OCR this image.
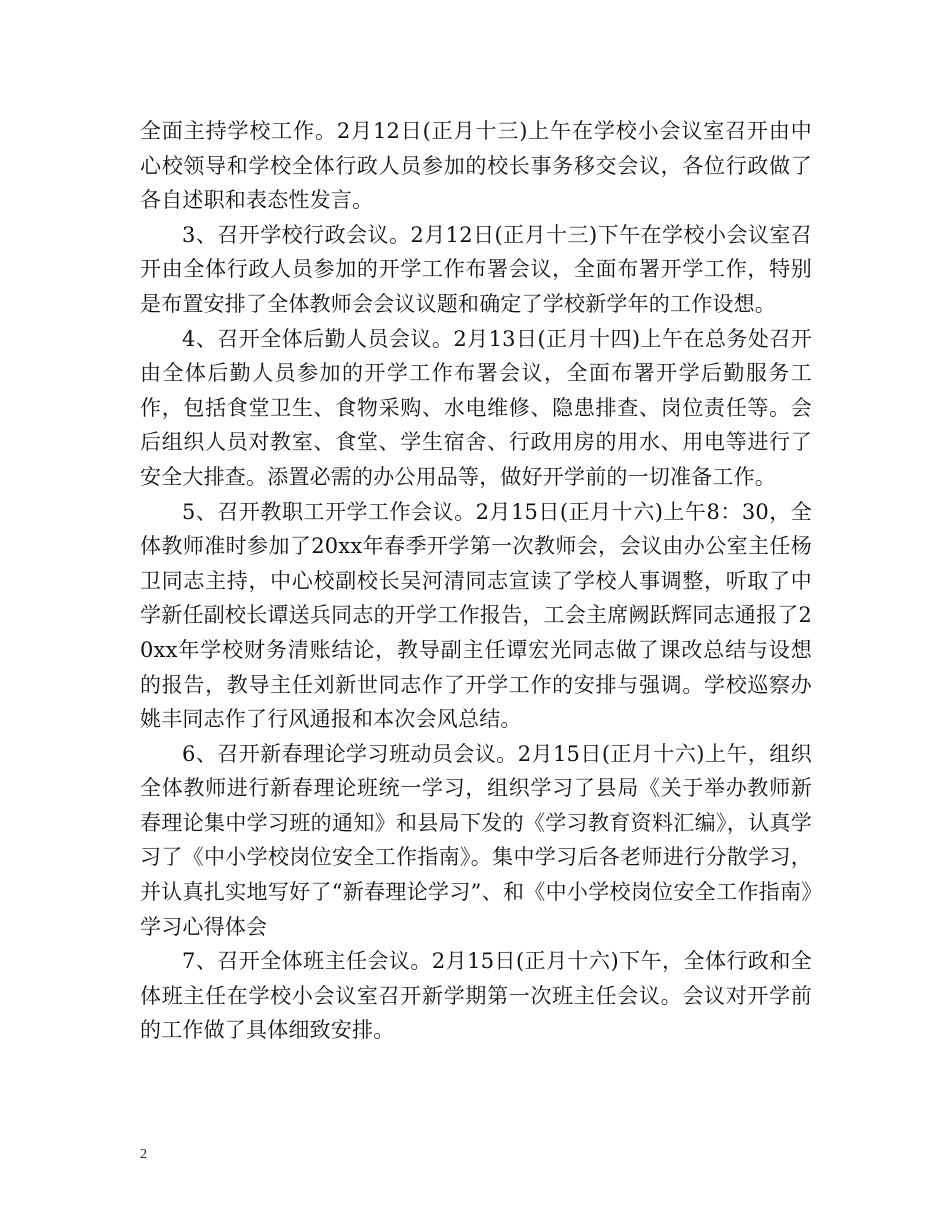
全面主持学校工作。2月12日(正月十三)上午在学校小会议室召开由中心校领导和学校全体行政人员参加的校长事务移交会议，各位行政做了各自述职和表态性发言。

3、召开学校行政会议。2月12日(正月十三)下午在学校小会议室召开由全体行政人员参加的开学工作布署会议，全面布署开学工作，特别是布置安排了全体教师会会议议题和确定了学校新学年的工作设想。

4、召开全体后勤人员会议。2月13日(正月十四)上午在总务处召开由全体后勤人员参加的开学工作布署会议，全面布署开学后勤服务工作，包括食堂卫生、食物采购、水电维修、隐患排查、岗位责任等。会后组织人员对教室、食堂、学生宿舍、行政用房的用水、用电等进行了安全大排查。添置必需的办公用品等，做好开学前的一切准备工作。

5、召开教职工开学工作会议。2月15日(正月十六)上午8：30，全体教师准时参加了20xx年春季开学第一次教师会，会议由办公室主任杨卫同志主持，中心校副校长吴河清同志宣读了学校人事调整，听取了中学新任副校长谭送兵同志的开学工作报告，工会主席阙跃辉同志通报了20xx年学校财务清账结论，教导副主任谭宏光同志做了课改总结与设想的报告，教导主任刘新世同志作了开学工作的安排与强调。学校巡察办姚丰同志作了行风通报和本次会风总结。

6、召开新春理论学习班动员会议。2月15日(正月十六)上午，组织全体教师进行新春理论班统一学习，组织学习了县局《关于举办教师新春理论集中学习班的通知》和县局下发的《学习教育资料汇编》，认真学习了《中小学校岗位安全工作指南》。集中学习后各老师进行分散学习，并认真扎实地写好了“新春理论学习”、和《中小学校岗位安全工作指南》学习心得体会

7、召开全体班主任会议。2月15日(正月十六)下午，全体行政和全体班主任在学校小会议室召开新学期第一次班主任会议。会议对开学前的工作做了具体细致安排。

2
